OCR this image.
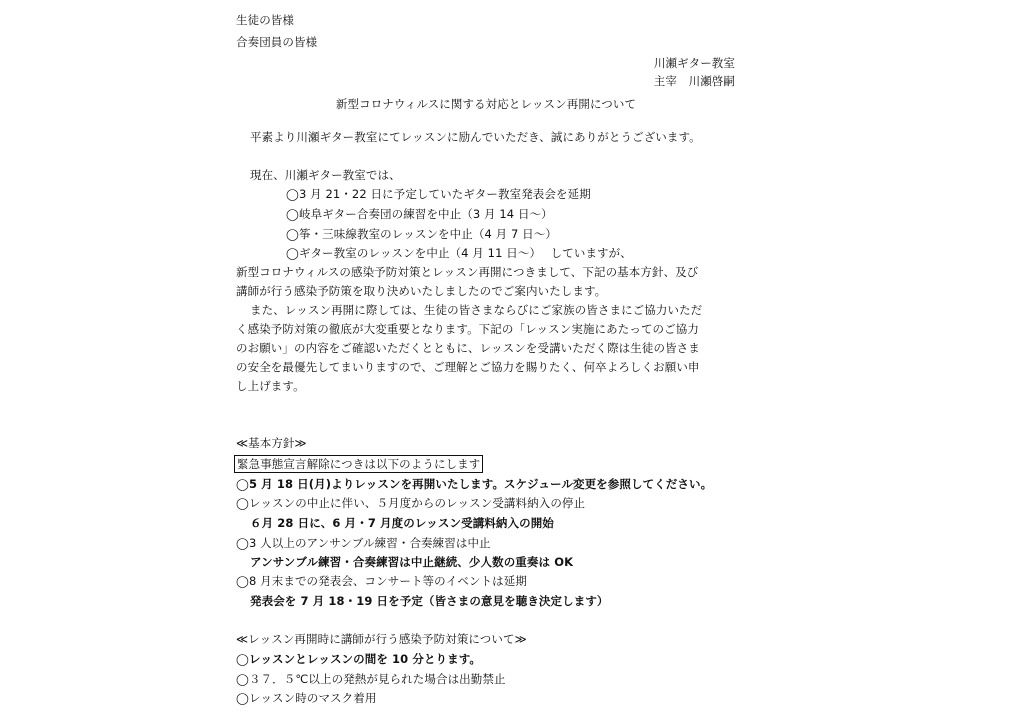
生徒の皆様
合奏団員の皆様
川瀬ギター教室
主宰　川瀬啓嗣
新型コロナウィルスに関する対応とレッスン再開について
平素より川瀬ギター教室にてレッスンに励んでいただき、誠にありがとうございます。
現在、川瀬ギター教室では、
◯3 月 21・22 日に予定していたギター教室発表会を延期
◯岐阜ギター合奏団の練習を中止（3 月 14 日～）
◯筝・三味線教室のレッスンを中止（4 月 7 日～）
◯ギター教室のレッスンを中止（4 月 11 日～）　 していますが、
新型コロナウィルスの感染予防対策とレッスン再開につきまして、下記の基本方針、及び
講師が行う感染予防策を取り決めいたしましたのでご案内いたします。
また、レッスン再開に際しては、生徒の皆さまならびにご家族の皆さまにご協力いただ
く感染予防対策の徹底が大変重要となります。下記の「レッスン実施にあたってのご協力
のお願い」の内容をご確認いただくとともに、レッスンを受講いただく際は生徒の皆さま
の安全を最優先してまいりますので、ご理解とご協力を賜りたく、何卒よろしくお願い申
し上げます。
≪基本方針≫
緊急事態宣言解除につきは以下のようにします
◯5 月 18 日(月)よりレッスンを再開いたします。スケジュール変更を参照してください。
◯レッスンの中止に伴い、５月度からのレッスン受講料納入の停止
６月 28 日に、6 月・7 月度のレッスン受講料納入の開始
◯3 人以上のアンサンブル練習・合奏練習は中止
アンサンブル練習・合奏練習は中止継続、少人数の重奏は OK
◯8 月末までの発表会、コンサート等のイベントは延期
発表会を 7 月 18・19 日を予定（皆さまの意見を聴き決定します）
≪レッスン再開時に講師が行う感染予防対策について≫
◯レッスンとレッスンの間を 10 分とります。
◯３７．５℃以上の発熱が見られた場合は出勤禁止
◯レッスン時のマスク着用
